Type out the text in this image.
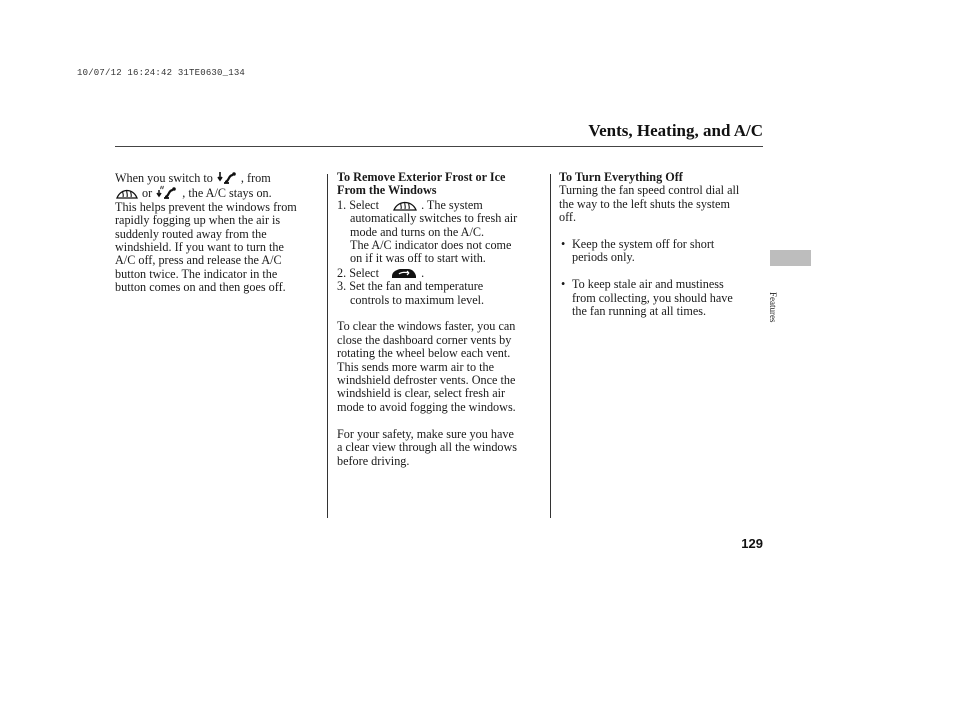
10/07/12 16:24:42 31TE0630_134
Vents, Heating, and A/C
When you switch to , from
or , the A/C stays on.
This helps prevent the windows from
rapidly fogging up when the air is
suddenly routed away from the
windshield. If you want to turn the
A/C off, press and release the A/C
button twice. The indicator in the
button comes on and then goes off.
To Remove Exterior Frost or Ice
From the Windows
1. Select	. The system
automatically switches to fresh air
mode and turns on the A/C.
The A/C indicator does not come
on if it was off to start with.
2. Select	.
3. Set the fan and temperature
controls to maximum level.
To clear the windows faster, you can
close the dashboard corner vents by
rotating the wheel below each vent.
This sends more warm air to the
windshield defroster vents. Once the
windshield is clear, select fresh air
mode to avoid fogging the windows.
For your safety, make sure you have
a clear view through all the windows
before driving.
To Turn Everything Off
Turning the fan speed control dial all
the way to the left shuts the system
off.
• Keep the system off for short
periods only.
• To keep stale air and mustiness
from collecting, you should have
the fan running at all times.	Features
129
